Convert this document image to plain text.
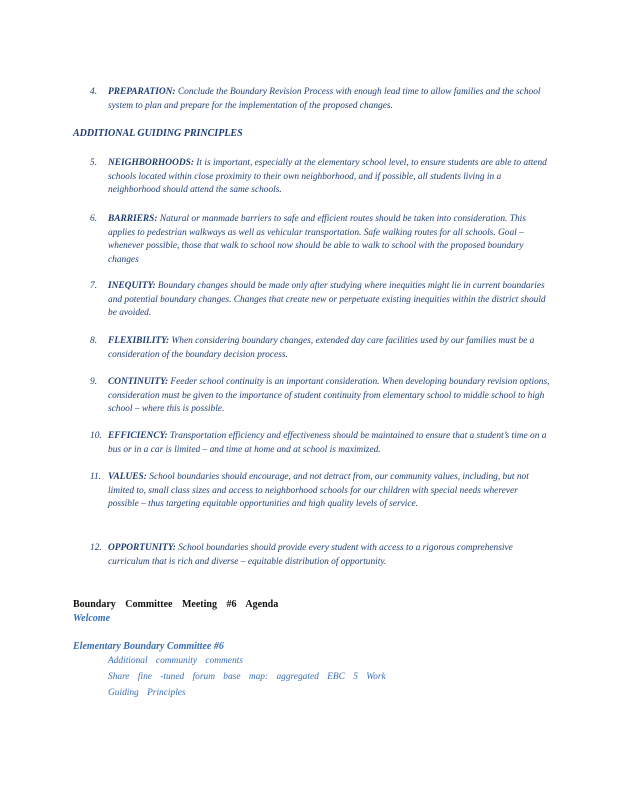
4.	PREPARATION: Conclude the Boundary Revision Process with enough lead time to allow families and the school system to plan and prepare for the implementation of the proposed changes.
ADDITIONAL GUIDING PRINCIPLES
5.	NEIGHBORHOODS: It is important, especially at the elementary school level, to ensure students are able to attend schools located within close proximity to their own neighborhood, and if possible, all students living in a neighborhood should attend the same schools.
6.	BARRIERS: Natural or manmade barriers to safe and efficient routes should be taken into consideration. This applies to pedestrian walkways as well as vehicular transportation. Safe walking routes for all schools. Goal – whenever possible, those that walk to school now should be able to walk to school with the proposed boundary changes
7.	INEQUITY: Boundary changes should be made only after studying where inequities might lie in current boundaries and potential boundary changes. Changes that create new or perpetuate existing inequities within the district should be avoided.
8.	FLEXIBILITY: When considering boundary changes, extended day care facilities used by our families must be a consideration of the boundary decision process.
9.	CONTINUITY: Feeder school continuity is an important consideration. When developing boundary revision options, consideration must be given to the importance of student continuity from elementary school to middle school to high school – where this is possible.
10. EFFICIENCY: Transportation efficiency and effectiveness should be maintained to ensure that a student’s time on a bus or in a car is limited – and time at home and at school is maximized.
11. VALUES: School boundaries should encourage, and not detract from, our community values, including, but not limited to, small class sizes and access to neighborhood schools for our children with special needs wherever possible – thus targeting equitable opportunities and high quality levels of service.
12. OPPORTUNITY: School boundaries should provide every student with access to a rigorous comprehensive curriculum that is rich and diverse – equitable distribution of opportunity.
Boundary Committee Meeting #6 Agenda
Welcome
Elementary Boundary Committee #6
Additional community comments
Share fine -tuned forum base map: aggregated EBC 5 Work
Guiding Principles
